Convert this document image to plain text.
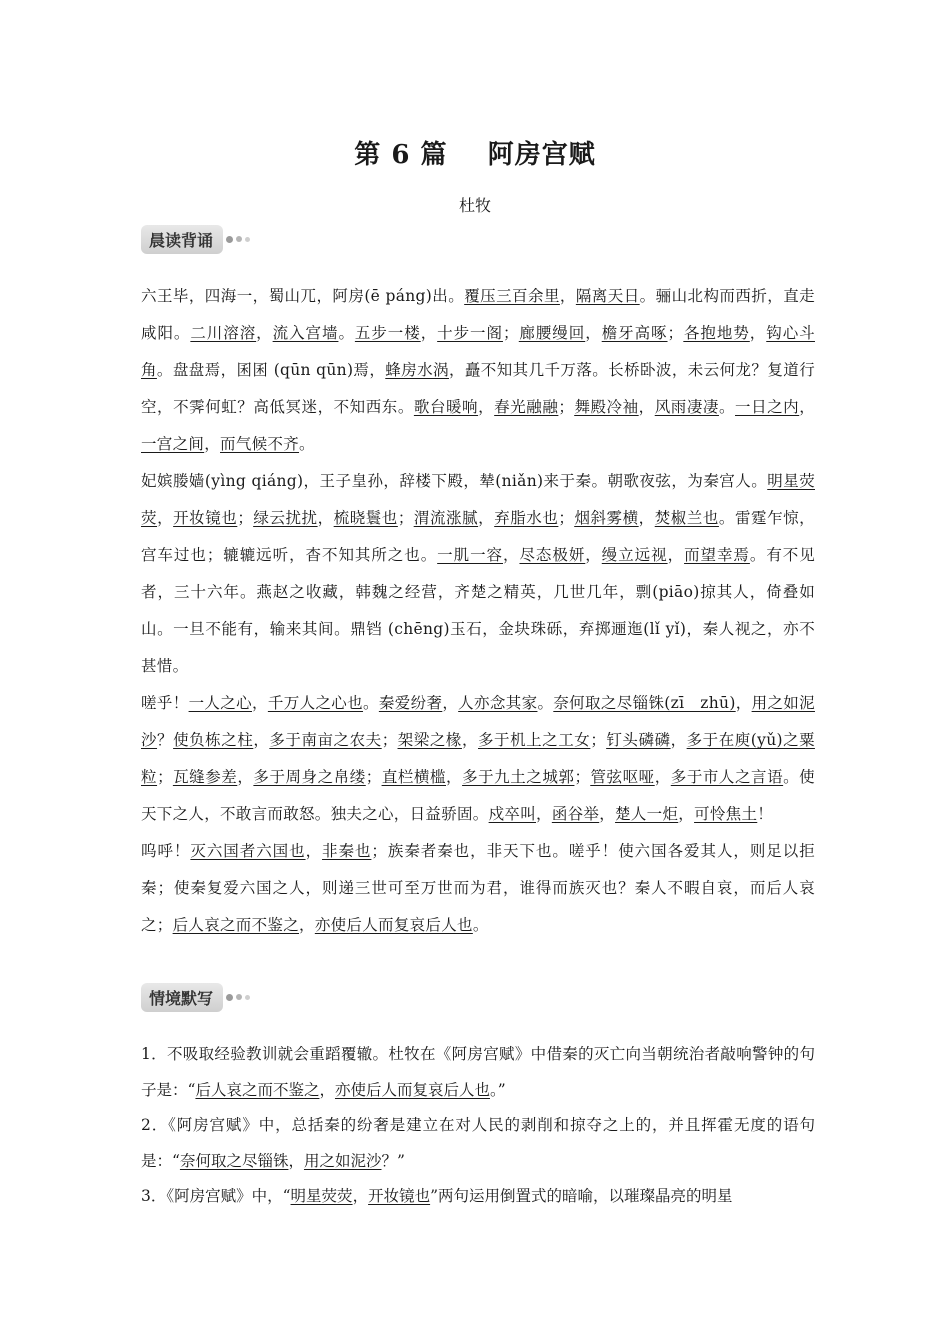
第 6 篇    阿房宫赋
杜牧
晨读背诵

六王毕，四海一，蜀山兀，阿房(ē páng)出。覆压三百余里，隔离天日。骊山北构而西折，直走咸阳。二川溶溶，流入宫墙。五步一楼，十步一阁；廊腰缦回，檐牙高啄；各抱地势，钩心斗角。盘盘焉，囷囷 (qūn qūn)焉，蜂房水涡，矗不知其几千万落。长桥卧波，未云何龙？复道行空，不霁何虹？高低冥迷，不知西东。歌台暖响，春光融融；舞殿冷袖，风雨凄凄。一日之内，一宫之间，而气候不齐。

妃嫔媵嫱(yìng qiáng)，王子皇孙，辞楼下殿，辇(niǎn)来于秦。朝歌夜弦，为秦宫人。明星荧荧，开妆镜也；绿云扰扰，梳晓鬟也；渭流涨腻，弃脂水也；烟斜雾横，焚椒兰也。雷霆乍惊，宫车过也；辘辘远听，杳不知其所之也。一肌一容，尽态极妍，缦立远视，而望幸焉。有不见者，三十六年。燕赵之收藏，韩魏之经营，齐楚之精英，几世几年，剽(piāo)掠其人，倚叠如山。一旦不能有，输来其间。鼎铛 (chēng)玉石，金块珠砾，弃掷逦迤(lǐ yǐ)，秦人视之，亦不甚惜。

嗟乎！一人之心，千万人之心也。秦爱纷奢，人亦念其家。奈何取之尽锱铢(zī　zhū)，用之如泥沙？使负栋之柱，多于南亩之农夫；架梁之椽，多于机上之工女；钉头磷磷，多于在庾(yǔ)之粟粒；瓦缝参差，多于周身之帛缕；直栏横槛，多于九土之城郭；管弦呕哑，多于市人之言语。使天下之人，不敢言而敢怒。独夫之心，日益骄固。戍卒叫，函谷举，楚人一炬，可怜焦土！

呜呼！灭六国者六国也，非秦也；族秦者秦也，非天下也。嗟乎！使六国各爱其人，则足以拒秦；使秦复爱六国之人，则递三世可至万世而为君，谁得而族灭也？秦人不暇自哀，而后人哀之；后人哀之而不鉴之，亦使后人而复哀后人也。

情境默写

1．不吸取经验教训就会重蹈覆辙。杜牧在《阿房宫赋》中借秦的灭亡向当朝统治者敲响警钟的句子是：“后人哀之而不鉴之，亦使后人而复哀后人也。”

2．《阿房宫赋》中，总括秦的纷奢是建立在对人民的剥削和掠夺之上的，并且挥霍无度的语句是：“奈何取之尽锱铢，用之如泥沙？”

3．《阿房宫赋》中，“明星荧荧，开妆镜也”两句运用倒置式的暗喻，以璀璨晶亮的明星
